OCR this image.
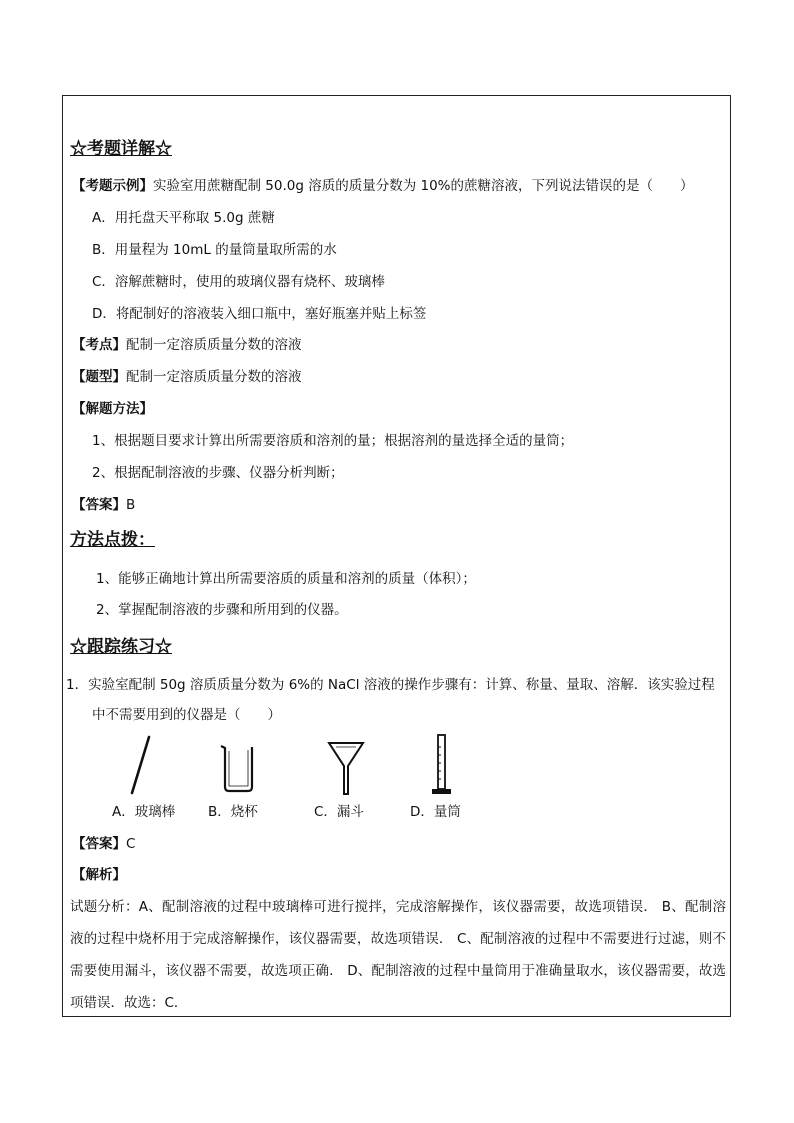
☆考题详解☆
【考题示例】实验室用蔗糖配制 50.0g 溶质的质量分数为 10%的蔗糖溶液，下列说法错误的是（　　）
A．用托盘天平称取 5.0g 蔗糖
B．用量程为 10mL 的量筒量取所需的水
C．溶解蔗糖时，使用的玻璃仪器有烧杯、玻璃棒
D．将配制好的溶液装入细口瓶中，塞好瓶塞并贴上标签
【考点】配制一定溶质质量分数的溶液
【题型】配制一定溶质质量分数的溶液
【解题方法】
1、根据题目要求计算出所需要溶质和溶剂的量；根据溶剂的量选择全适的量筒；
2、根据配制溶液的步骤、仪器分析判断；
【答案】B
方法点拨：
1、能够正确地计算出所需要溶质的质量和溶剂的质量（体积）；
2、掌握配制溶液的步骤和所用到的仪器。
☆跟踪练习☆
1．实验室配制 50g 溶质质量分数为 6%的 NaCl 溶液的操作步骤有：计算、称量、量取、溶解．该实验过程
中不需要用到的仪器是（　　）
A．玻璃棒 B．烧杯	C．漏斗	D．量筒
【答案】C
【解析】
试题分析：A、配制溶液的过程中玻璃棒可进行搅拌，完成溶解操作，该仪器需要，故选项错误． B、配制溶液的过程中烧杯用于完成溶解操作，该仪器需要，故选项错误． C、配制溶液的过程中不需要进行过滤，则不需要使用漏斗，该仪器不需要，故选项正确． D、配制溶液的过程中量筒用于准确量取水，该仪器需要，故选项错误．故选：C．
